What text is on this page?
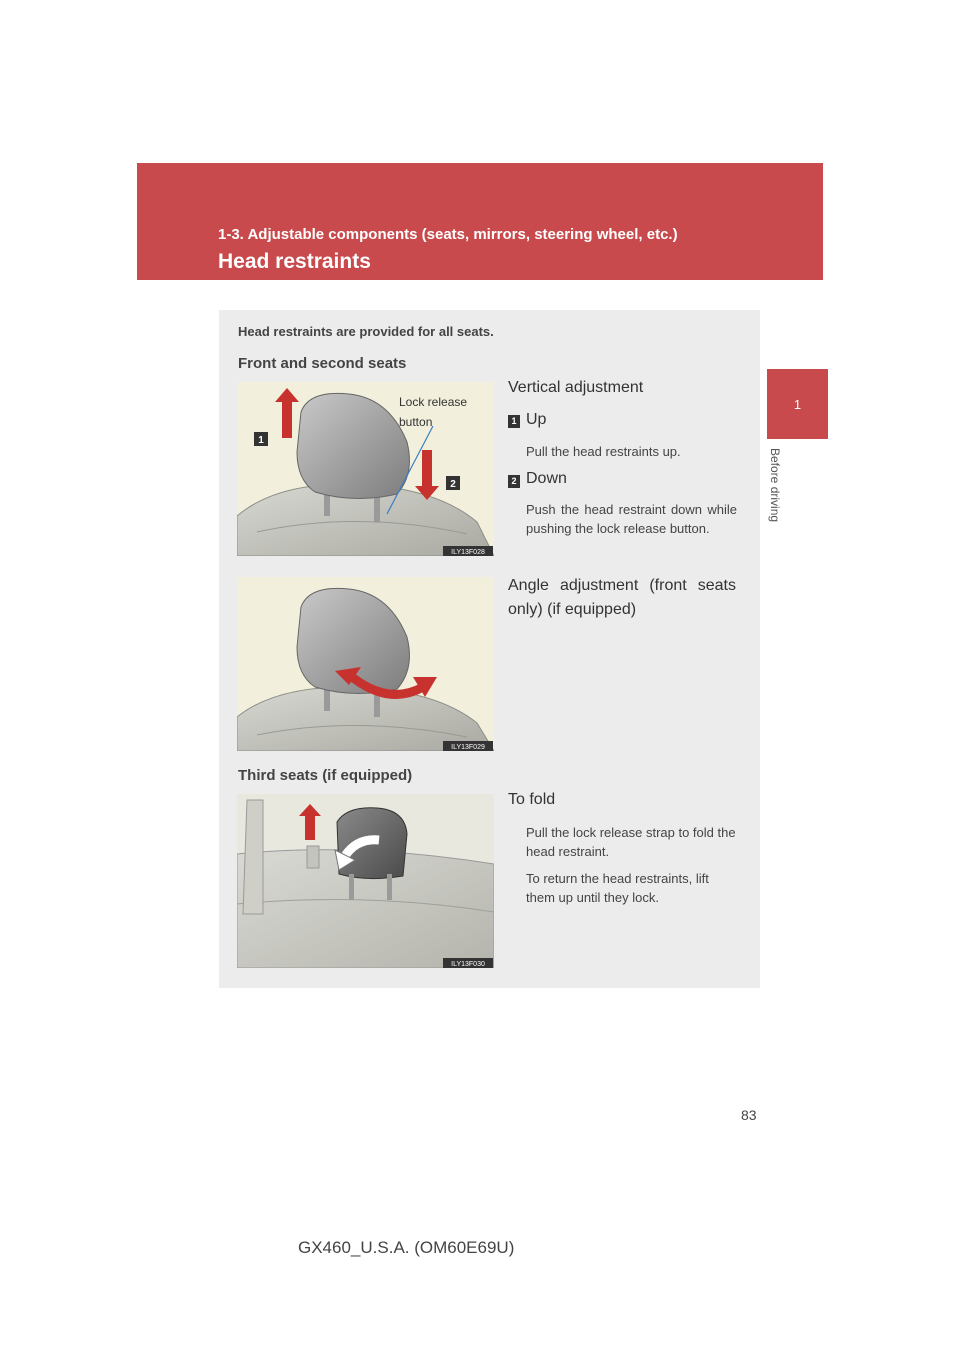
1-3. Adjustable components (seats, mirrors, steering wheel, etc.)
Head restraints
1
Before driving
Head restraints are provided for all seats.
Front and second seats
1
2
ILY13F028
Lock release button
Vertical adjustment
1 Up
Pull the head restraints up.
2 Down
Push the head restraint down while pushing the lock release button.
ILY13F029
Angle adjustment (front seats only) (if equipped)
Third seats (if equipped)
ILY13F030
To fold
Pull the lock release strap to fold the head restraint.
To return the head restraints, lift them up until they lock.
83
GX460_U.S.A. (OM60E69U)
